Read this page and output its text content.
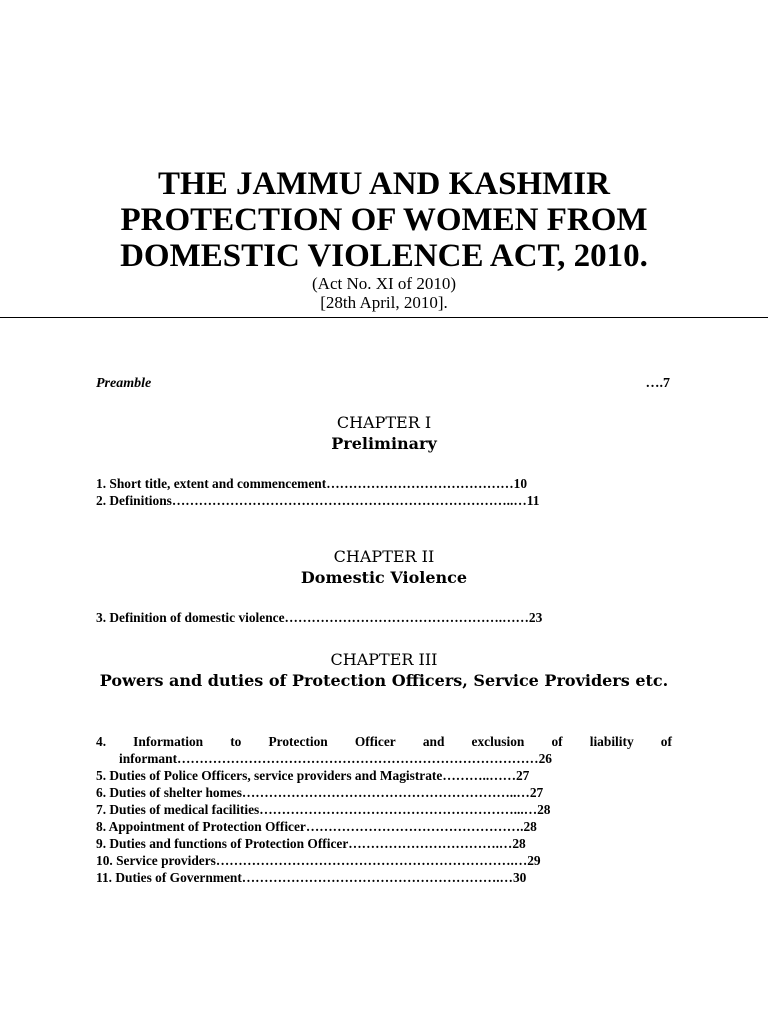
THE JAMMU AND KASHMIR
PROTECTION OF WOMEN FROM
DOMESTIC VIOLENCE ACT, 2010.
(Act No. XI of 2010)
[28th April, 2010].
Preamble	….7
CHAPTER I
Preliminary
1. Short title, extent and commencement……………………………………10
2. Definitions…………………………………………………………………..…11
CHAPTER II
Domestic Violence
3. Definition of domestic violence………………………………………….……23
CHAPTER III
Powers and duties of Protection Officers, Service Providers etc.
4. Information to Protection Officer and exclusion of liability of
informant………………………………………………………………………26
5. Duties of Police Officers, service providers and Magistrate………..……27
6. Duties of shelter homes……………………………………………………..…27
7. Duties of medical facilities…………………………………………………...…28
8. Appointment of Protection Officer………………………………………….28
9. Duties and functions of Protection Officer…………………………….…28
10. Service providers………………………………………………………….…29
11. Duties of Government………………………………………………….…30
